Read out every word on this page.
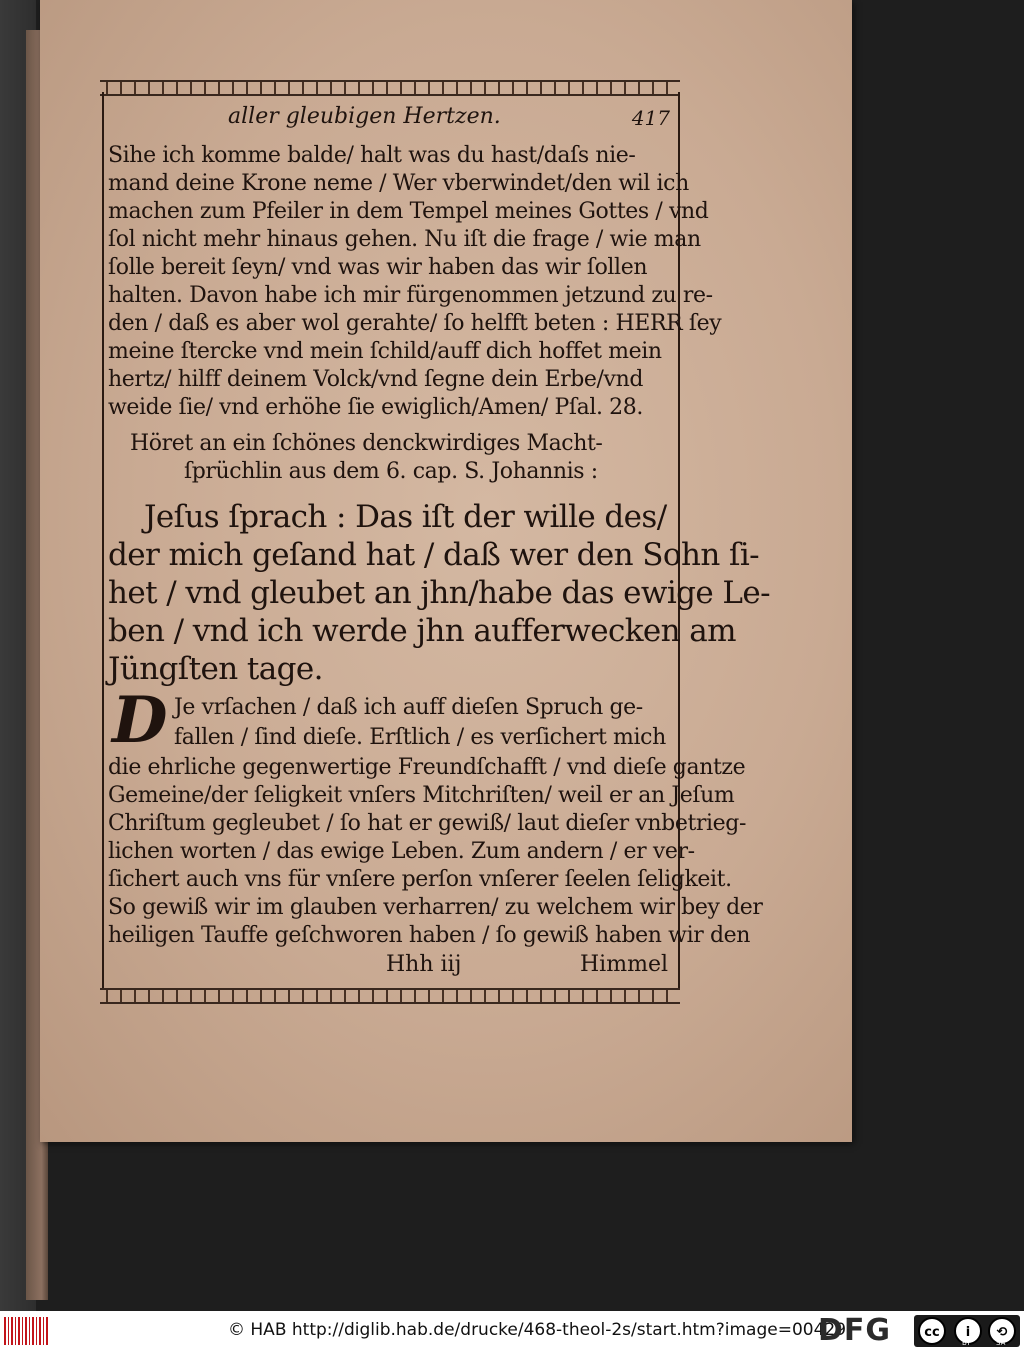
aller gleubigen Hertzen.	417
Sihe ich komme balde/ halt was du hast/daſs nie-
mand deine Krone neme / Wer vberwindet/den wil ich
machen zum Pfeiler in dem Tempel meines Gottes / vnd
ſol nicht mehr hinaus gehen. Nu iſt die frage / wie man
ſolle bereit ſeyn/ vnd was wir haben das wir ſollen
halten. Davon habe ich mir fürgenommen jetzund zu re-
den / daß es aber wol gerahte/ ſo helfft beten : HERR ſey
meine ſtercke vnd mein ſchild/auff dich hoffet mein
hertz/ hilff deinem Volck/vnd ſegne dein Erbe/vnd
weide ſie/ vnd erhöhe ſie ewiglich/Amen/ Pſal. 28.
Höret an ein ſchönes denckwirdiges Macht-
ſprüchlin aus dem 6. cap. S. Johannis :
Jeſus ſprach : Das iſt der wille des/
der mich geſand hat / daß wer den Sohn ſi-
het / vnd gleubet an jhn/habe das ewige Le-
ben / vnd ich werde jhn aufferwecken am
Jüngſten tage.
D Je vrſachen / daß ich auff dieſen Spruch ge-
fallen / ſind dieſe. Erſtlich / es verſichert mich
die ehrliche gegenwertige Freundſchafft / vnd dieſe gantze
Gemeine/der ſeligkeit vnſers Mitchriſten/ weil er an Jeſum
Chriſtum gegleubet / ſo hat er gewiß/ laut dieſer vnbetrieg-
lichen worten / das ewige Leben. Zum andern / er ver-
ſichert auch vns für vnſere perſon vnſerer ſeelen ſeligkeit.
So gewiß wir im glauben verharren/ zu welchem wir bey der
heiligen Tauffe geſchworen haben / ſo gewiß haben wir den
Hhh iij	Himmel
© HAB http://diglib.hab.de/drucke/468-theol-2s/start.htm?image=00429
DFG	cc	i	⟲
BY	SA
